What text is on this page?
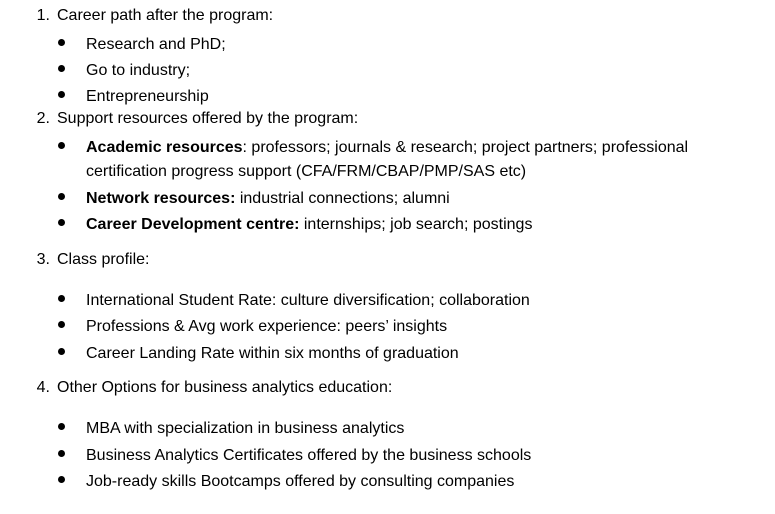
1. Career path after the program:
Research and PhD;
Go to industry;
Entrepreneurship
2. Support resources offered by the program:
Academic resources: professors; journals & research; project partners; professional certification progress support (CFA/FRM/CBAP/PMP/SAS etc)
Network resources: industrial connections; alumni
Career Development centre: internships; job search; postings
3. Class profile:
International Student Rate: culture diversification; collaboration
Professions & Avg work experience: peers’ insights
Career Landing Rate within six months of graduation
4. Other Options for business analytics education:
MBA with specialization in business analytics
Business Analytics Certificates offered by the business schools
Job-ready skills Bootcamps offered by consulting companies
